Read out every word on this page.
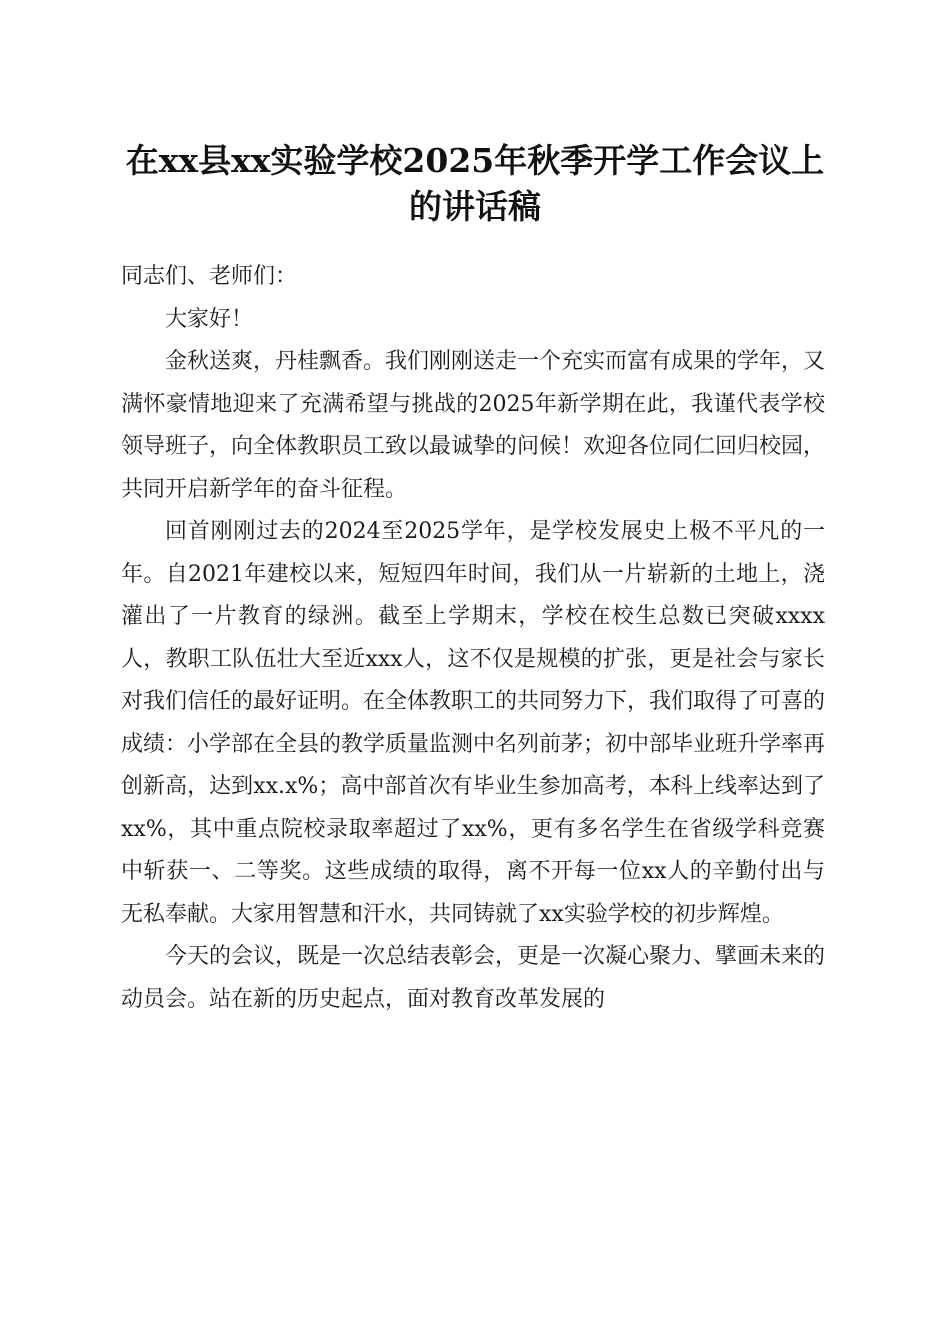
在xx县xx实验学校2025年秋季开学工作会议上的讲话稿

同志们、老师们：

大家好！

金秋送爽，丹桂飘香。我们刚刚送走一个充实而富有成果的学年，又满怀豪情地迎来了充满希望与挑战的2025年新学期在此，我谨代表学校领导班子，向全体教职员工致以最诚挚的问候！欢迎各位同仁回归校园，共同开启新学年的奋斗征程。

回首刚刚过去的2024至2025学年，是学校发展史上极不平凡的一年。自2021年建校以来，短短四年时间，我们从一片崭新的土地上，浇灌出了一片教育的绿洲。截至上学期末，学校在校生总数已突破xxxx人，教职工队伍壮大至近xxx人，这不仅是规模的扩张，更是社会与家长对我们信任的最好证明。在全体教职工的共同努力下，我们取得了可喜的成绩：小学部在全县的教学质量监测中名列前茅；初中部毕业班升学率再创新高，达到xx.x%；高中部首次有毕业生参加高考，本科上线率达到了xx%，其中重点院校录取率超过了xx%，更有多名学生在省级学科竞赛中斩获一、二等奖。这些成绩的取得，离不开每一位xx人的辛勤付出与无私奉献。大家用智慧和汗水，共同铸就了xx实验学校的初步辉煌。

今天的会议，既是一次总结表彰会，更是一次凝心聚力、擘画未来的动员会。站在新的历史起点，面对教育改革发展的
